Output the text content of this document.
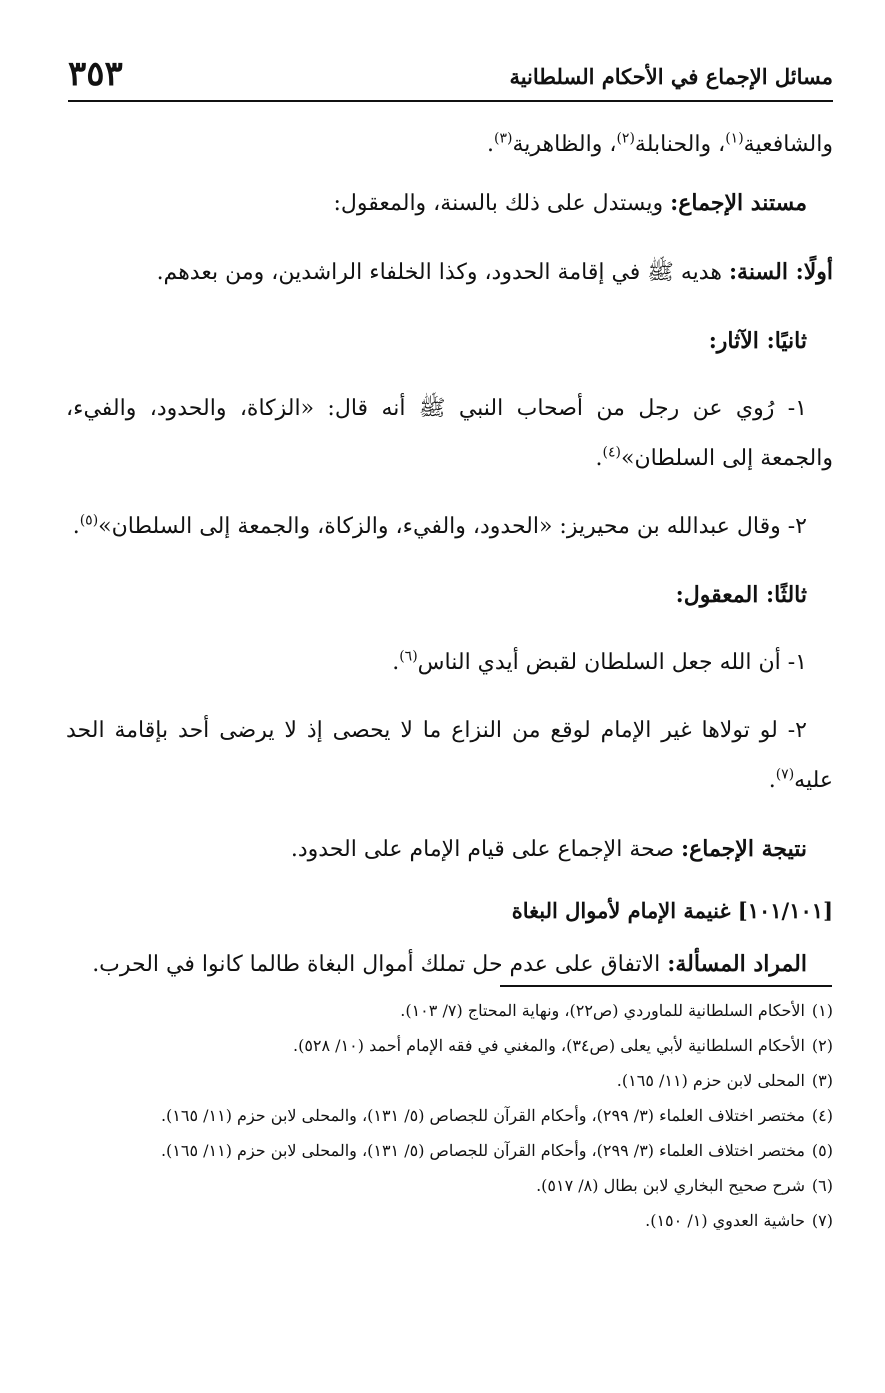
٣٥٣	مسائل الإجماع في الأحكام السلطانية

والشافعية$^{(١)}$، والحنابلة$^{(٢)}$، والظاهرية$^{(٣)}$.

مستند الإجماع: ويستدل على ذلك بالسنة، والمعقول:

أولًا: السنة: هديه ﷺ في إقامة الحدود، وكذا الخلفاء الراشدين، ومن بعدهم.

ثانيًا: الآثار:

١- رُوي عن رجل من أصحاب النبي ﷺ أنه قال: «الزكاة، والحدود، والفيء، والجمعة إلى السلطان»$^{(٤)}$.

٢- وقال عبدالله بن محيريز: «الحدود، والفيء، والزكاة، والجمعة إلى السلطان»$^{(٥)}$.

ثالثًا: المعقول:

١- أن الله جعل السلطان لقبض أيدي الناس$^{(٦)}$.

٢- لو تولاها غير الإمام لوقع من النزاع ما لا يحصى إذ لا يرضى أحد بإقامة الحد عليه$^{(٧)}$.

نتيجة الإجماع: صحة الإجماع على قيام الإمام على الحدود.

[١٠١/١٠١] غنيمة الإمام لأموال البغاة

المراد المسألة: الاتفاق على عدم حل تملك أموال البغاة طالما كانوا في الحرب.

(١)الأحكام السلطانية للماوردي (ص٢٢)، ونهاية المحتاج (٧/ ١٠٣).

(٢)الأحكام السلطانية لأبي يعلى (ص٣٤)، والمغني في فقه الإمام أحمد (١٠/ ٥٢٨).

(٣)المحلى لابن حزم (١١/ ١٦٥).

(٤)مختصر اختلاف العلماء (٣/ ٢٩٩)، وأحكام القرآن للجصاص (٥/ ١٣١)، والمحلى لابن حزم (١١/ ١٦٥).

(٥)مختصر اختلاف العلماء (٣/ ٢٩٩)، وأحكام القرآن للجصاص (٥/ ١٣١)، والمحلى لابن حزم (١١/ ١٦٥).

(٦)شرح صحيح البخاري لابن بطال (٨/ ٥١٧).

(٧)حاشية العدوي (١/ ١٥٠).
